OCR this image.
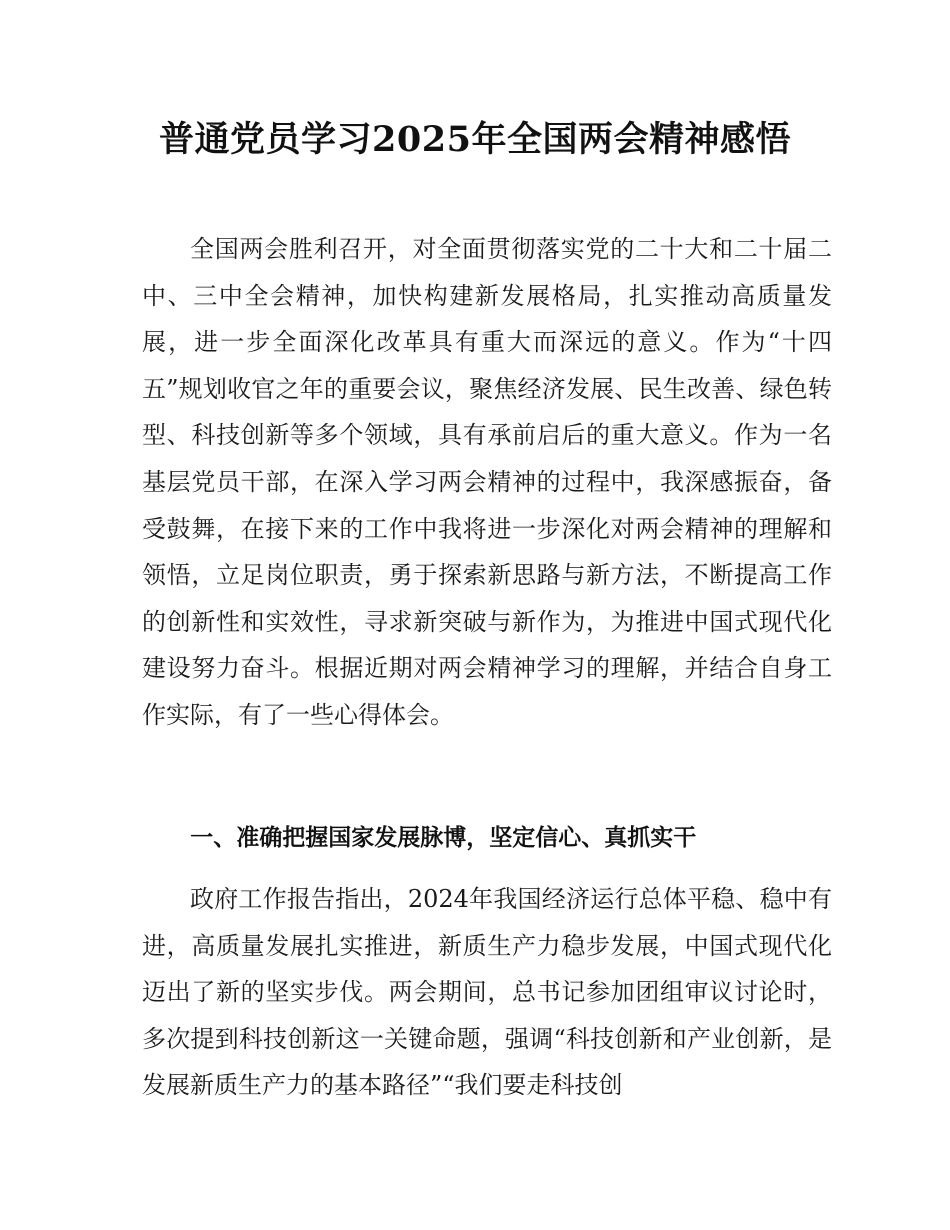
普通党员学习2025年全国两会精神感悟

全国两会胜利召开，对全面贯彻落实党的二十大和二十届二中、三中全会精神，加快构建新发展格局，扎实推动高质量发展，进一步全面深化改革具有重大而深远的意义。作为“十四五”规划收官之年的重要会议，聚焦经济发展、民生改善、绿色转型、科技创新等多个领域，具有承前启后的重大意义。作为一名基层党员干部，在深入学习两会精神的过程中，我深感振奋，备受鼓舞，在接下来的工作中我将进一步深化对两会精神的理解和领悟，立足岗位职责，勇于探索新思路与新方法，不断提高工作的创新性和实效性，寻求新突破与新作为，为推进中国式现代化建设努力奋斗。根据近期对两会精神学习的理解，并结合自身工作实际，有了一些心得体会。

一、准确把握国家发展脉博，坚定信心、真抓实干

政府工作报告指出，2024年我国经济运行总体平稳、稳中有进，高质量发展扎实推进，新质生产力稳步发展，中国式现代化迈出了新的坚实步伐。两会期间，总书记参加团组审议讨论时，多次提到科技创新这一关键命题，强调“科技创新和产业创新，是发展新质生产力的基本路径”“我们要走科技创
